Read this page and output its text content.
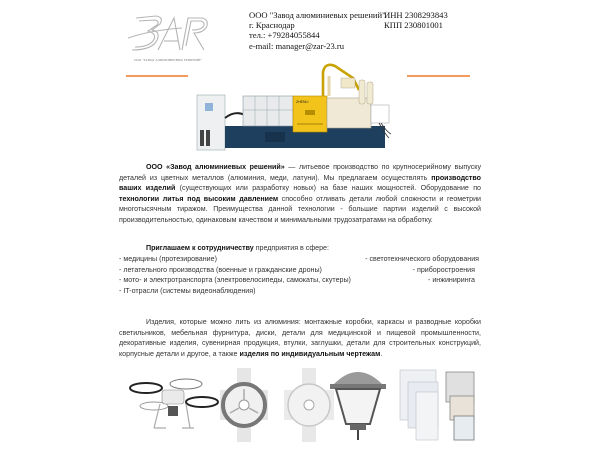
ООО "ЗАВОД АЛЮМИНИЕВЫХ РЕШЕНИЙ"
ООО "Завод алюминиевых решений"
г. Краснодар
тел.: +79284055844
e-mail: manager@zar-23.ru
ИНН 2308293843
КПП 230801001
ZHENLI
ООО «Завод алюминиевых решений» — литьевое производство по крупносерийному выпуску деталей из цветных металлов (алюминия, меди, латуни). Мы предлагаем осуществлять производство ваших изделий (существующих или разработку новых) на базе наших мощностей. Оборудование по технологии литья под высоким давлением способно отливать детали любой сложности и геометрии многотысячным тиражом. Преимущества данной технологии - большие партии изделий с высокой производительностью, одинаковым качеством и минимальными трудозатратами на обработку.
Приглашаем к сотрудничеству предприятия в сфере:
- медицины (протезирование)
- летательного производства (военные и гражданские дроны)
- мото- и электротранспорта (электровелосипеды, самокаты, скутеры)
- IT-отрасли (системы видеонаблюдения)
- светотехнического оборудования
- приборостроения
- инжиниринга
Изделия, которые можно лить из алюминия: монтажные коробки, каркасы и разводные коробки светильников, мебельная фурнитура, диски, детали для медицинской и пищевой промышленности, декоративные изделия, сувенирная продукция, втулки, заглушки, детали для строительных конструкций, корпусные детали и другое, а также изделия по индивидуальным чертежам.
